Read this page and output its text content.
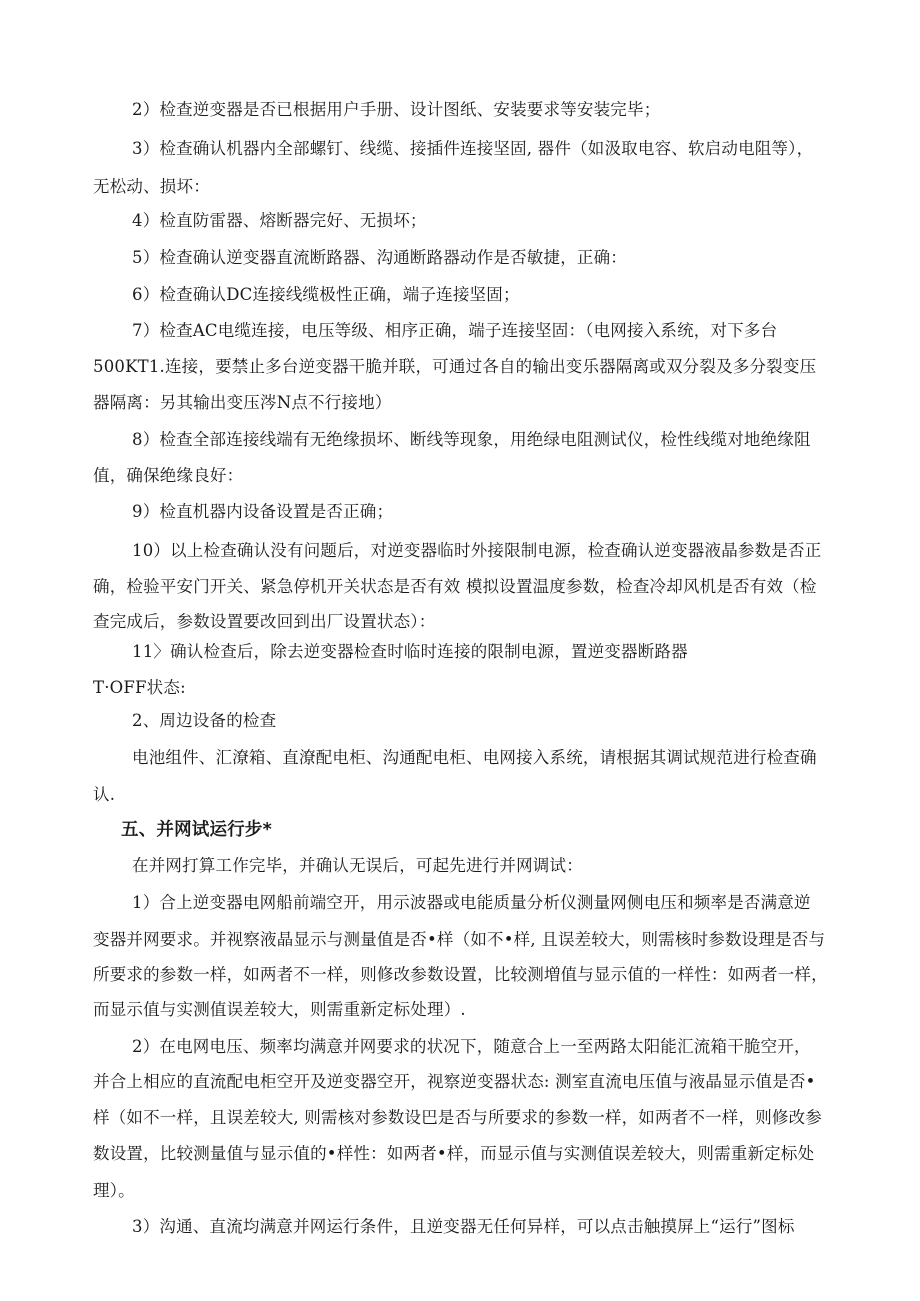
2）检查逆变器是否已根据用户手册、设计图纸、安装要求等安装完毕；
3）检查确认机器内全部螺钉、线缆、接插件连接坚固, 器件（如汲取电容、软启动电阻等），
无松动、损坏：
4）检直防雷器、熔断器完好、无损坏；
5）检查确认逆变器直流断路器、沟通断路器动作是否敏捷，正确：
6）检查确认DC连接线缆极性正确，端子连接坚固；
7）检查AC电缆连接，电压等级、相序正确，端子连接坚固：（电网接入系统，对下多台
500KT1.连接，要禁止多台逆变器干脆并联，可通过各自的输出变乐器隔离或双分裂及多分裂变压
器隔离：另其输出变压涔N点不行接地）
8）检查全部连接线端有无绝缘损坏、断线等现象，用绝绿电阻测试仪，检性线缆对地绝缘阻
值，确保绝缘良好：
9）检直机器内设备设置是否正确；
10）以上检查确认没有问题后，对逆变器临时外接限制电源，检查确认逆变器液晶参数是否正
确，检验平安门开关、紧急停机开关状态是否有效 模拟设置温度参数，检查冷却风机是否有效（检
查完成后，参数设置要改回到出厂设置状态）：
11〉确认检查后，除去逆变器检查时临时连接的限制电源，置逆变器断路器
T·OFF状态:
2、周边设备的检查
电池组件、汇潦箱、直潦配电柜、沟通配电柜、电网接入系统，请根据其调试规范进行检查确
认.
五、并网试运行步*
在并网打算工作完毕，并确认无误后，可起先进行并网调试：
1）合上逆变器电网船前端空开，用示波器或电能质量分析仪测量网侧电压和频率是否满意逆
变器并网要求。并视察液晶显示与测量值是否•样（如不•样, 且误差较大，则需核时参数设理是否与
所要求的参数一样，如两者不一样，则修改参数设置，比较测増值与显示值的一样性：如两者一样，
而显示值与实测值误差较大，则需重新定标处理）.
2）在电网电压、频率均满意并网要求的状况下，随意合上一至两路太阳能汇流箱干脆空开，
并合上相应的直流配电柜空开及逆变器空开，视察逆变器状态: 测室直流电压值与液晶显示值是否•
样（如不一样，且误差较大, 则需核对参数设巴是否与所要求的参数一样，如两者不一样，则修改参
数设置，比较测量值与显示值的•样性：如两者•样，而显示值与实测值误差较大，则需重新定标处
理）。
3）沟通、直流均满意并网运行条件，且逆变器无任何异样，可以点击触摸屏上“运行”图标
